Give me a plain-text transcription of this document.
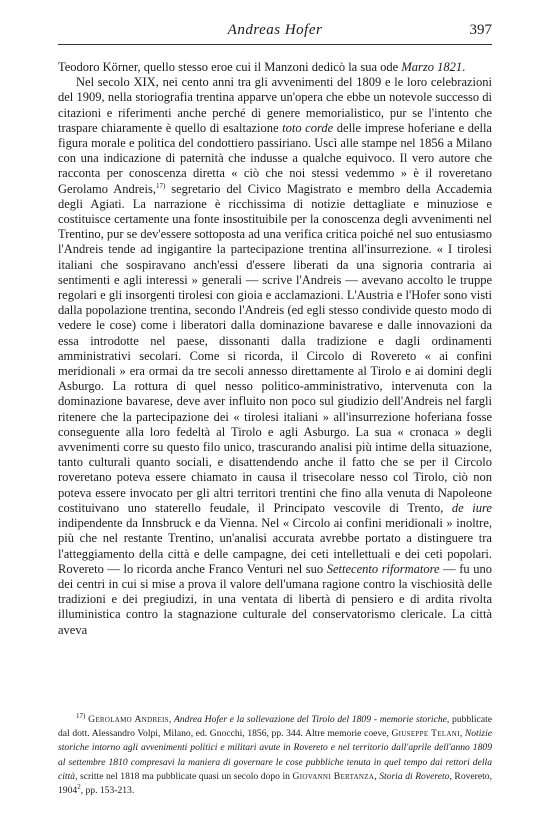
Andreas Hofer	397

Teodoro Körner, quello stesso eroe cui il Manzoni dedicò la sua ode Marzo 1821.

Nel secolo XIX, nei cento anni tra gli avvenimenti del 1809 e le loro celebrazioni del 1909, nella storiografia trentina apparve un'opera che ebbe un notevole successo di citazioni e riferimenti anche perché di genere memorialistico, pur se l'intento che traspare chiaramente è quello di esaltazione toto corde delle imprese hoferiane e della figura morale e politica del condottiero passiriano. Uscì alle stampe nel 1856 a Milano con una indicazione di paternità che indusse a qualche equivoco. Il vero autore che racconta per conoscenza diretta « ciò che noi stessi vedemmo » è il roveretano Gerolamo Andreis,$^{17)}$ segretario del Civico Magistrato e membro della Accademia degli Agiati. La narrazione è ricchissima di notizie dettagliate e minuziose e costituisce certamente una fonte insostituibile per la conoscenza degli avvenimenti nel Trentino, pur se dev'essere sottoposta ad una verifica critica poiché nel suo entusiasmo l'Andreis tende ad ingigantire la partecipazione trentina all'insurrezione. « I tirolesi italiani che sospiravano anch'essi d'essere liberati da una signoria contraria ai sentimenti e agli interessi » generali — scrive l'Andreis — avevano accolto le truppe regolari e gli insorgenti tirolesi con gioia e acclamazioni. L'Austria e l'Hofer sono visti dalla popolazione trentina, secondo l'Andreis (ed egli stesso condivide questo modo di vedere le cose) come i liberatori dalla dominazione bavarese e dalle innovazioni da essa introdotte nel paese, dissonanti dalla tradizione e dagli ordinamenti amministrativi secolari. Come si ricorda, il Circolo di Rovereto « ai confini meridionali » era ormai da tre secoli annesso direttamente al Tirolo e ai domini degli Asburgo. La rottura di quel nesso politico-amministrativo, intervenuta con la dominazione bavarese, deve aver influito non poco sul giudizio dell'Andreis nel fargli ritenere che la partecipazione dei « tirolesi italiani » all'insurrezione hoferiana fosse conseguente alla loro fedeltà al Tirolo e agli Asburgo. La sua « cronaca » degli avvenimenti corre su questo filo unico, trascurando analisi più intime della situazione, tanto culturali quanto sociali, e disattendendo anche il fatto che se per il Circolo roveretano poteva essere chiamato in causa il trisecolare nesso col Tirolo, ciò non poteva essere invocato per gli altri territori trentini che fino alla venuta di Napoleone costituivano uno staterello feudale, il Principato vescovile di Trento, de iure indipendente da Innsbruck e da Vienna. Nel « Circolo ai confini meridionali » inoltre, più che nel restante Trentino, un'analisi accurata avrebbe portato a distinguere tra l'atteggiamento della città e delle campagne, dei ceti intellettuali e dei ceti popolari. Rovereto — lo ricorda anche Franco Venturi nel suo Settecento riformatore — fu uno dei centri in cui si mise a prova il valore dell'umana ragione contro la vischiosità delle tradizioni e dei pregiudizi, in una ventata di libertà di pensiero e di ardita rivolta illuministica contro la stagnazione culturale del conservatorismo clericale. La città aveva

$^{17)}$ Gerolamo Andreis, Andrea Hofer e la sollevazione del Tirolo del 1809 - memorie storiche, pubblicate dal dott. Alessandro Volpi, Milano, ed. Gnocchi, 1856, pp. 344. Altre memorie coeve, Giuseppe Telani, Notizie storiche intorno agli avvenimenti politici e militari avute in Rovereto e nel territorio dall'aprile dell'anno 1809 al settembre 1810 compresavi la maniera di governare le cose pubbliche tenuta in quel tempo dai rettori della città, scritte nel 1818 ma pubblicate quasi un secolo dopo in Giovanni Bertanza, Storia di Rovereto, Rovereto, 1904$^2$, pp. 153-213.
